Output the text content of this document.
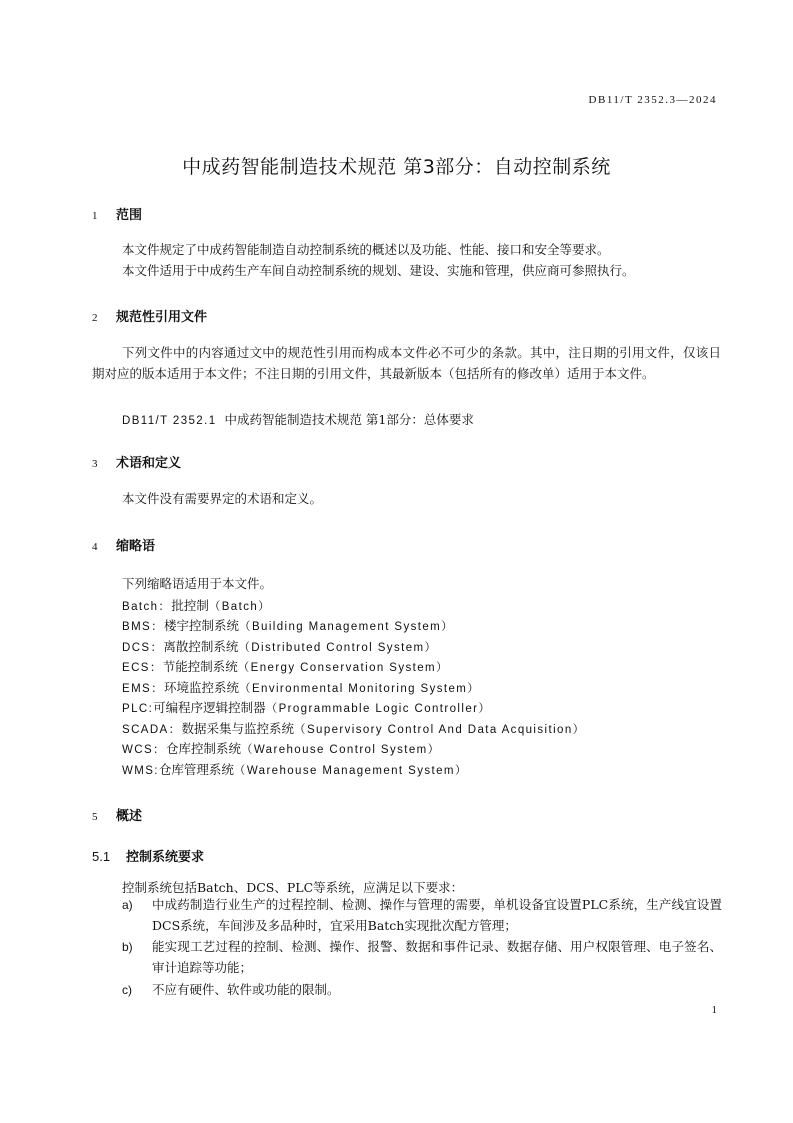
DB11/T 2352.3—2024
中成药智能制造技术规范 第3部分：自动控制系统
1 范围
本文件规定了中成药智能制造自动控制系统的概述以及功能、性能、接口和安全等要求。
本文件适用于中成药生产车间自动控制系统的规划、建设、实施和管理，供应商可参照执行。
2 规范性引用文件
下列文件中的内容通过文中的规范性引用而构成本文件必不可少的条款。其中，注日期的引用文件，仅该日期对应的版本适用于本文件；不注日期的引用文件，其最新版本（包括所有的修改单）适用于本文件。
DB11/T 2352.1 中成药智能制造技术规范 第1部分：总体要求
3 术语和定义
本文件没有需要界定的术语和定义。
4 缩略语
下列缩略语适用于本文件。
Batch：批控制（Batch）
BMS：楼宇控制系统（Building Management System）
DCS：离散控制系统（Distributed Control System）
ECS：节能控制系统（Energy Conservation System）
EMS：环境监控系统（Environmental Monitoring System）
PLC:可编程序逻辑控制器（Programmable Logic Controller）
SCADA：数据采集与监控系统（Supervisory Control And Data Acquisition）
WCS：仓库控制系统（Warehouse Control System）
WMS:仓库管理系统（Warehouse Management System）
5 概述
5.1 控制系统要求
控制系统包括Batch、DCS、PLC等系统，应满足以下要求：
a) 中成药制造行业生产的过程控制、检测、操作与管理的需要，单机设备宜设置PLC系统，生产线宜设置DCS系统，车间涉及多品种时，宜采用Batch实现批次配方管理；
b) 能实现工艺过程的控制、检测、操作、报警、数据和事件记录、数据存储、用户权限管理、电子签名、审计追踪等功能；
c) 不应有硬件、软件或功能的限制。
1
